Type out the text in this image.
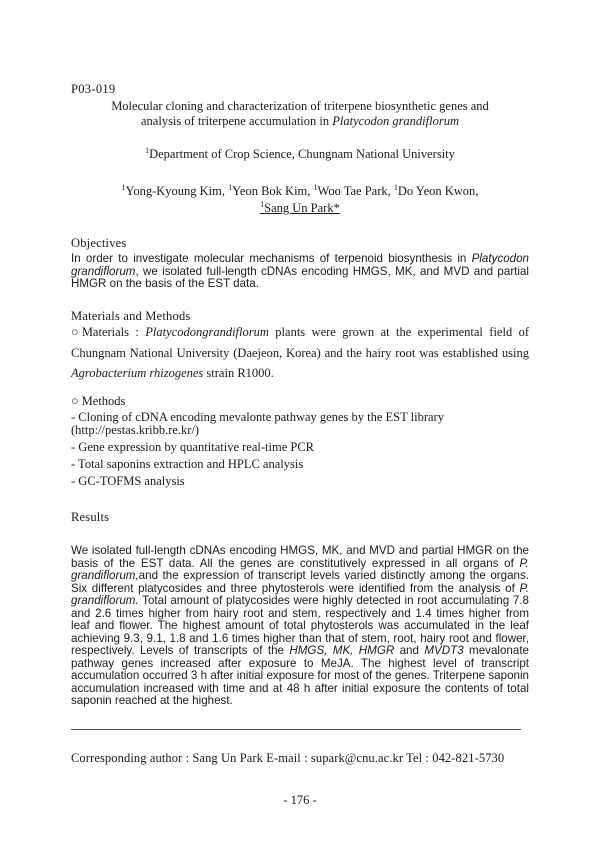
P03-019
Molecular cloning and characterization of triterpene biosynthetic genes and
analysis of triterpene accumulation in Platycodon grandiflorum
$^1$Department of Crop Science, Chungnam National University
$^1$Yong-Kyoung Kim, $^1$Yeon Bok Kim, $^1$Woo Tae Park, $^1$Do Yeon Kwon,
$^1$Sang Un Park*
Objectives
In order to investigate molecular mechanisms of terpenoid biosynthesis in Platycodon grandiflorum, we isolated full-length cDNAs encoding HMGS, MK, and MVD and partial HMGR on the basis of the EST data.
Materials and Methods
○Materials : Platycodongrandiflorum plants were grown at the experimental field of Chungnam National University (Daejeon, Korea) and the hairy root was established using Agrobacterium rhizogenes strain R1000.
○ Methods
- Cloning of cDNA encoding mevalonte pathway genes by the EST library
(http://pestas.kribb.re.kr/)
- Gene expression by quantitative real-time PCR
- Total saponins extraction and HPLC analysis
- GC-TOFMS analysis
Results
We isolated full-length cDNAs encoding HMGS, MK, and MVD and partial HMGR on the basis of the EST data. All the genes are constitutively expressed in all organs of P. grandiflorum,and the expression of transcript levels varied distinctly among the organs. Six different platycosides and three phytosterols were identified from the analysis of P. grandiflorum. Total amount of platycosides were highly detected in root accumulating 7.8 and 2.6 times higher from hairy root and stem, respectively and 1.4 times higher from leaf and flower. The highest amount of total phytosterols was accumulated in the leaf achieving 9.3, 9.1, 1.8 and 1.6 times higher than that of stem, root, hairy root and flower, respectively. Levels of transcripts of the HMGS, MK, HMGR and MVDT3 mevalonate pathway genes increased after exposure to MeJA. The highest level of transcript accumulation occurred 3 h after initial exposure for most of the genes. Triterpene saponin accumulation increased with time and at 48 h after initial exposure the contents of total saponin reached at the highest.
Corresponding author : Sang Un Park E-mail : supark@cnu.ac.kr Tel : 042-821-5730
- 176 -
